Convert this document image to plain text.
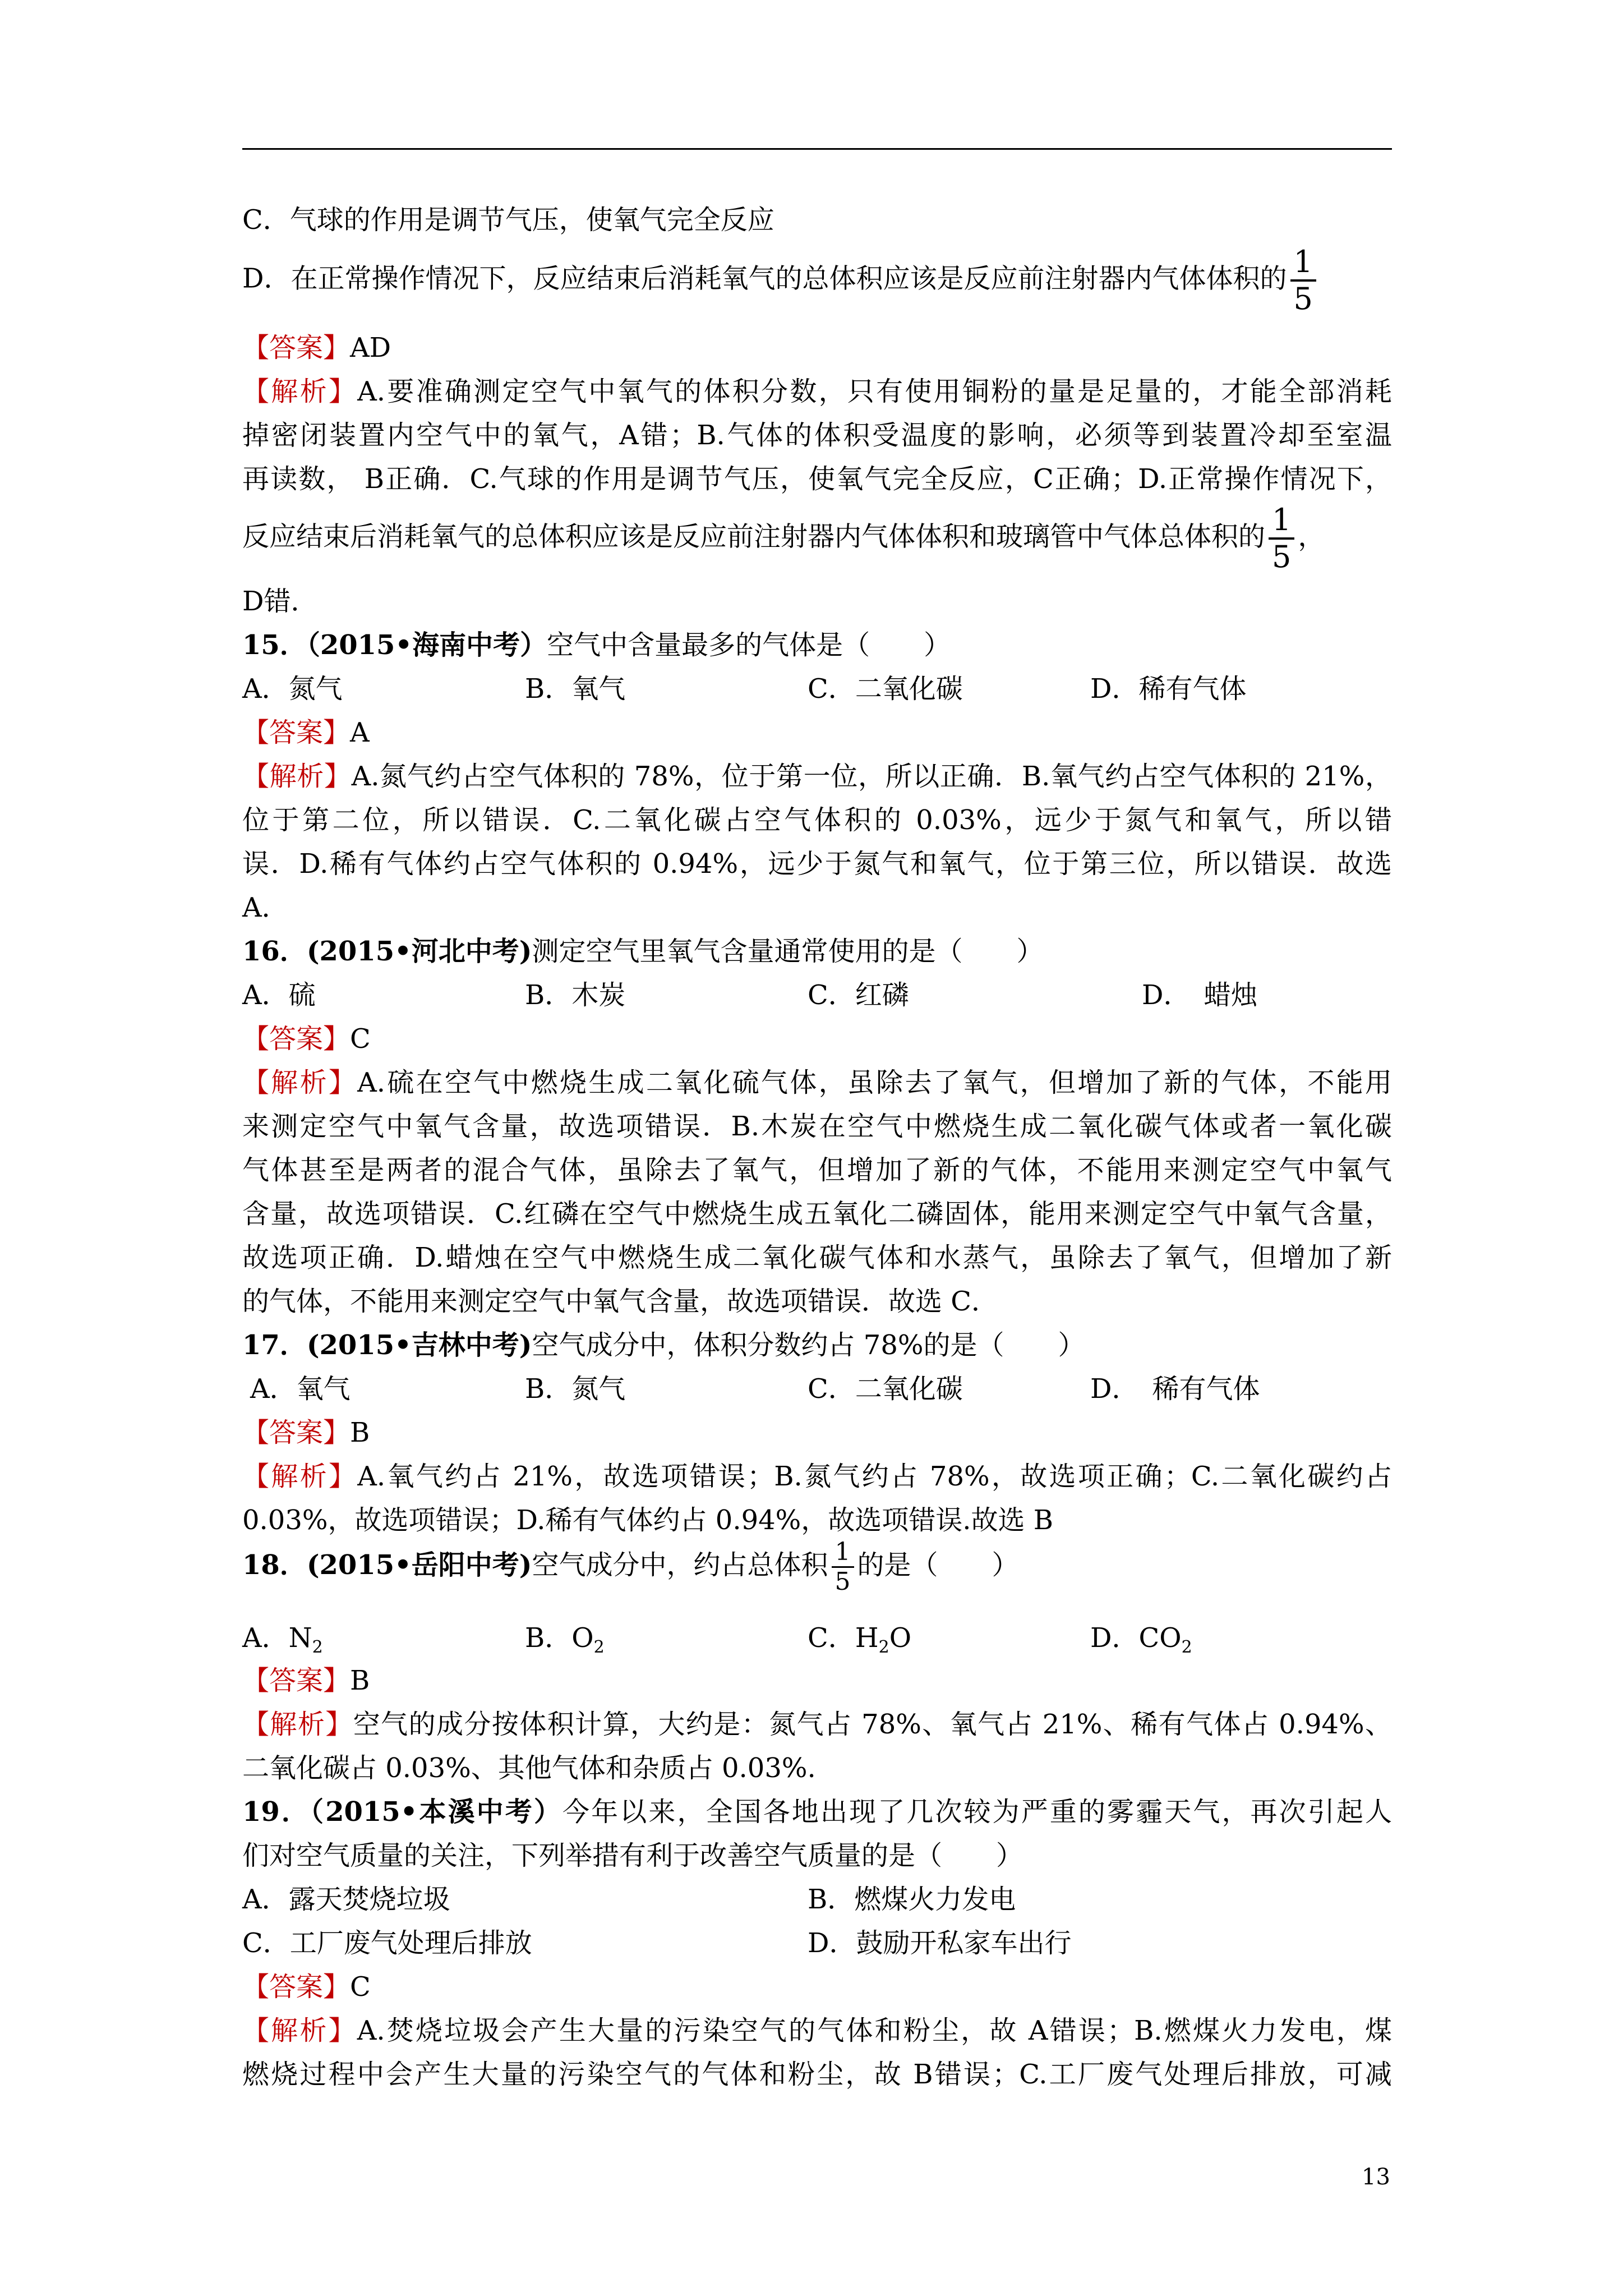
C．气球的作用是调节气压，使氧气完全反应
D．在正常操作情况下，反应结束后消耗氧气的总体积应该是反应前注射器内气体体积的 $\frac{1}{5}$
【答案】AD
【解析】A.要准确测定空气中氧气的体积分数，只有使用铜粉的量是足量的，才能全部消耗
掉密闭装置内空气中的氧气，A错；B.气体的体积受温度的影响，必须等到装置冷却至室温
再读数， B正确．C.气球的作用是调节气压，使氧气完全反应，C正确；D.正常操作情况下，
反应结束后消耗氧气的总体积应该是反应前注射器内气体体积和玻璃管中气体总体积的 $\frac{1}{5}$ ，
D错．
15．（2015•海南中考）空气中含量最多的气体是（　　）
A．氮气	B．氧气	C．二氧化碳	D．稀有气体
【答案】A
【解析】A.氮气约占空气体积的 78%，位于第一位，所以正确．B.氧气约占空气体积的 21%，
位于第二位，所以错误．C.二氧化碳占空气体积的 0.03%，远少于氮气和氧气，所以错
误．D.稀有气体约占空气体积的 0.94%，远少于氮气和氧气，位于第三位，所以错误．故选
A．
16．(2015•河北中考)测定空气里氧气含量通常使用的是（　　）
A．硫	B．木炭	C．红磷	D．　蜡烛
【答案】C
【解析】A.硫在空气中燃烧生成二氧化硫气体，虽除去了氧气，但增加了新的气体，不能用
来测定空气中氧气含量，故选项错误．B.木炭在空气中燃烧生成二氧化碳气体或者一氧化碳
气体甚至是两者的混合气体，虽除去了氧气，但增加了新的气体，不能用来测定空气中氧气
含量，故选项错误．C.红磷在空气中燃烧生成五氧化二磷固体，能用来测定空气中氧气含量，
故选项正确．D.蜡烛在空气中燃烧生成二氧化碳气体和水蒸气，虽除去了氧气，但增加了新
的气体，不能用来测定空气中氧气含量，故选项错误．故选 C．
17．(2015•吉林中考)空气成分中，体积分数约占 78%的是（　　）
A．氧气	B．氮气	C．二氧化碳	D．　稀有气体
【答案】B
【解析】A.氧气约占 21%，故选项错误；B.氮气约占 78%，故选项正确；C.二氧化碳约占
0.03%，故选项错误；D.稀有气体约占 0.94%，故选项错误.故选 B
18．(2015•岳阳中考)空气成分中，约占总体积 $\frac{1}{5}$ 的是（　　）
A．$N_2$	B．$O_2$	C．$H_2O$	D．$CO_2$
【答案】B
【解析】空气的成分按体积计算，大约是：氮气占 78%、氧气占 21%、稀有气体占 0.94%、
二氧化碳占 0.03%、其他气体和杂质占 0.03%.
19．（2015•本溪中考）今年以来，全国各地出现了几次较为严重的雾霾天气，再次引起人
们对空气质量的关注，下列举措有利于改善空气质量的是（　　）
A．露天焚烧垃圾	B．燃煤火力发电
C．工厂废气处理后排放	D．鼓励开私家车出行
【答案】C
【解析】A.焚烧垃圾会产生大量的污染空气的气体和粉尘，故 A错误；B.燃煤火力发电，煤
燃烧过程中会产生大量的污染空气的气体和粉尘，故 B错误；C.工厂废气处理后排放，可减
13
